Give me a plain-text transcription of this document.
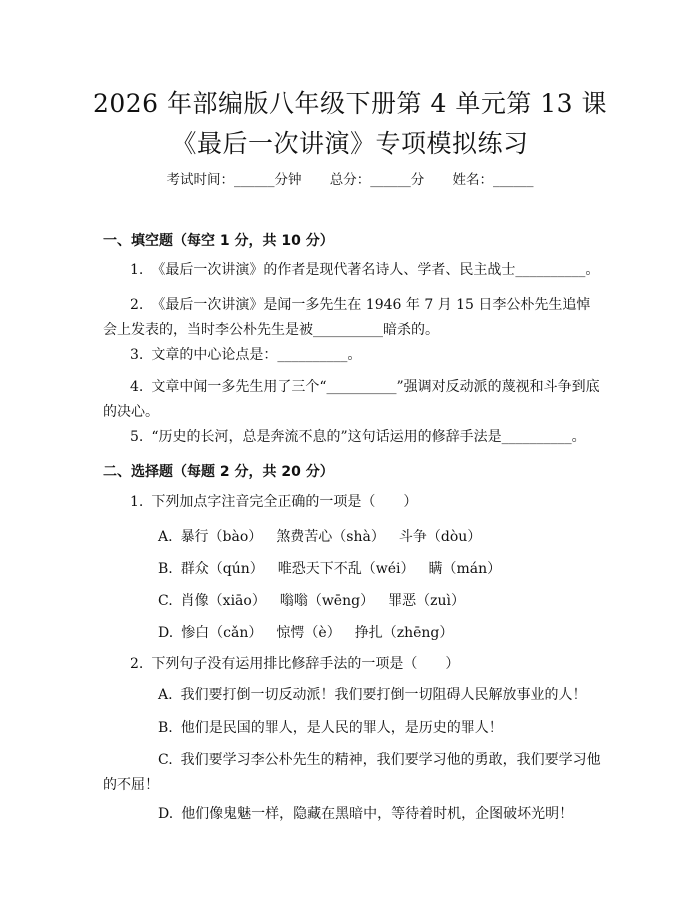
2026 年部编版八年级下册第 4 单元第 13 课
《最后一次讲演》专项模拟练习
考试时间：______分钟 总分：______分 姓名：______
一、填空题（每空 1 分，共 10 分）
1. 《最后一次讲演》的作者是现代著名诗人、学者、民主战士__________。
2. 《最后一次讲演》是闻一多先生在 1946 年 7 月 15 日李公朴先生追悼会上发表的，当时李公朴先生是被__________暗杀的。
3. 文章的中心论点是：__________。
4. 文章中闻一多先生用了三个“__________”强调对反动派的蔑视和斗争到底的决心。
5. “历史的长河，总是奔流不息的”这句话运用的修辞手法是__________。
二、选择题（每题 2 分，共 20 分）
1. 下列加点字注音完全正确的一项是（　　）
A. 暴行（bào） 煞费苦心（shà） 斗争（dòu）
B. 群众（qún） 唯恐天下不乱（wéi） 瞒（mán）
C. 肖像（xiāo） 嗡嗡（wēng） 罪恶（zuì）
D. 惨白（cǎn） 惊愕（è） 挣扎（zhēng）
2. 下列句子没有运用排比修辞手法的一项是（　　）
A. 我们要打倒一切反动派！我们要打倒一切阻碍人民解放事业的人！
B. 他们是民国的罪人，是人民的罪人，是历史的罪人！
C. 我们要学习李公朴先生的精神，我们要学习他的勇敢，我们要学习他的不屈！
D. 他们像鬼魅一样，隐藏在黑暗中，等待着时机，企图破坏光明！
